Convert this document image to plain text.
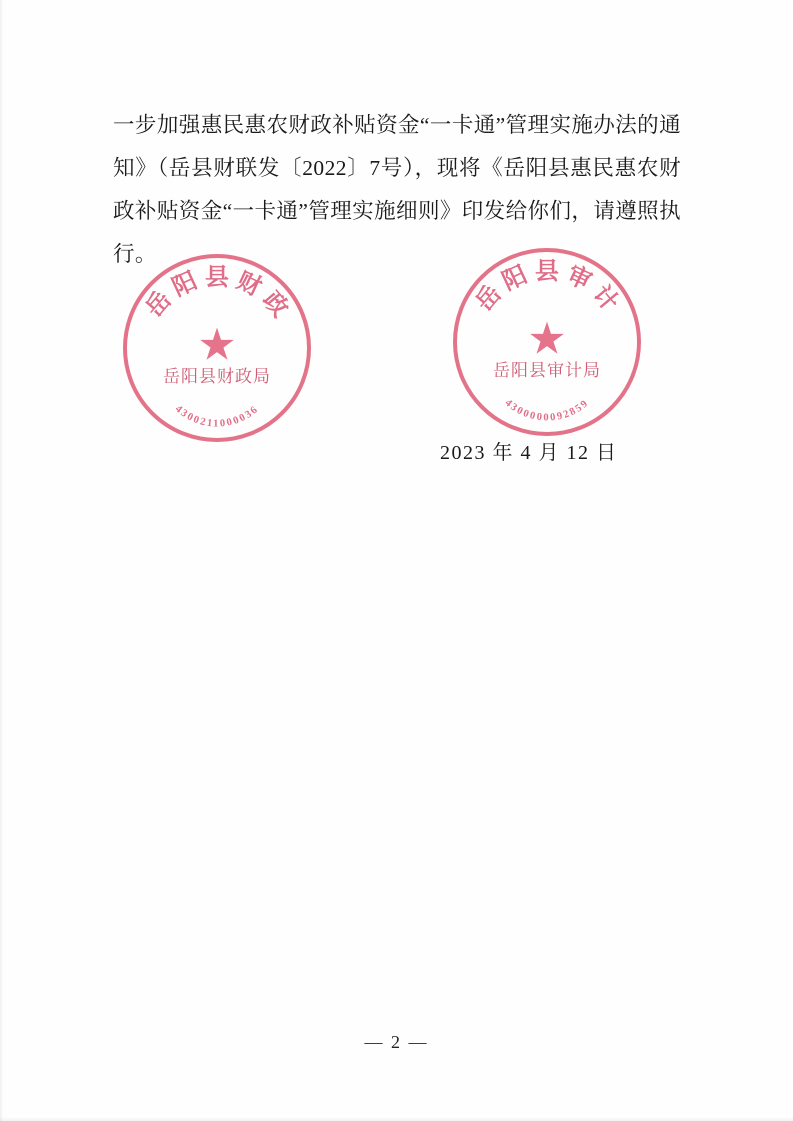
一步加强惠民惠农财政补贴资金“一卡通”管理实施办法的通知》（岳县财联发〔2022〕7号），现将《岳阳县惠民惠农财政补贴资金“一卡通”管理实施细则》印发给你们，请遵照执行。
岳 阳 县 财 政
4300211000036
★
岳阳县财政局
岳 阳 县 审 计
4300000092859
★
岳阳县审计局
2023 年 4 月 12 日
— 2 —
